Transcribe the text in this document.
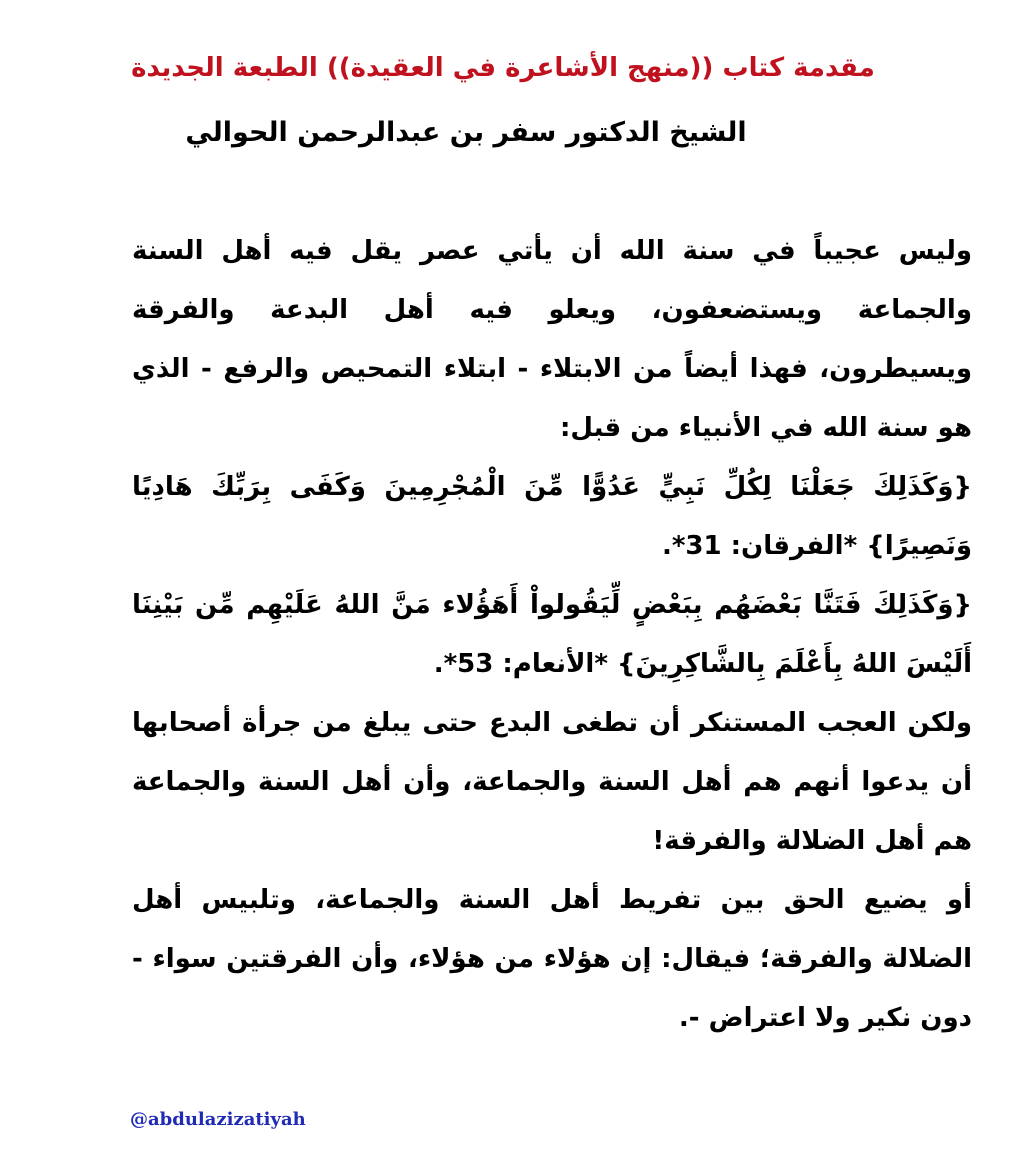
مقدمة كتاب ((منهج الأشاعرة في العقيدة)) الطبعة الجديدة
الشيخ الدكتور سفر بن عبدالرحمن الحوالي

وليس عجيباً في سنة الله أن يأتي عصر يقل فيه أهل السنة والجماعة ويستضعفون، ويعلو فيه أهل البدعة والفرقة ويسيطرون، فهذا أيضاً من الابتلاء - ابتلاء التمحيص والرفع - الذي هو سنة الله في الأنبياء من قبل:

{وَكَذَلِكَ جَعَلْنَا لِكُلِّ نَبِيٍّ عَدُوًّا مِّنَ الْمُجْرِمِينَ وَكَفَى بِرَبِّكَ هَادِيًا وَنَصِيرًا} *الفرقان: 31*.

{وَكَذَلِكَ فَتَنَّا بَعْضَهُم بِبَعْضٍ لِّيَقُولواْ أَهَؤُلاء مَنَّ اللهُ عَلَيْهِم مِّن بَيْنِنَا أَلَيْسَ اللهُ بِأَعْلَمَ بِالشَّاكِرِينَ} *الأنعام: 53*.

ولكن العجب المستنكر أن تطغى البدع حتى يبلغ من جرأة أصحابها أن يدعوا أنهم هم أهل السنة والجماعة، وأن أهل السنة والجماعة هم أهل الضلالة والفرقة!

أو يضيع الحق بين تفريط أهل السنة والجماعة، وتلبيس أهل الضلالة والفرقة؛ فيقال: إن هؤلاء من هؤلاء، وأن الفرقتين سواء - دون نكير ولا اعتراض -.

@abdulazizatiyah
